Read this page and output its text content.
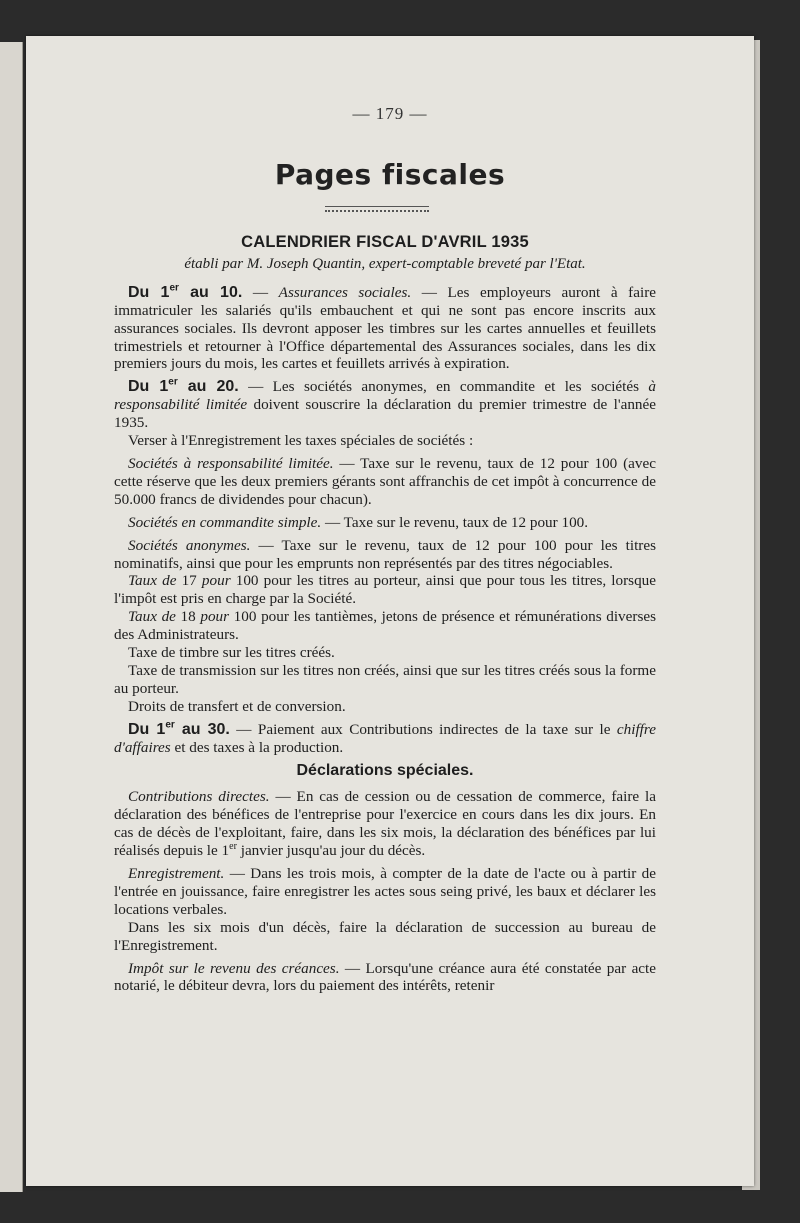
— 179 —
Pages fiscales
CALENDRIER FISCAL D'AVRIL 1935
établi par M. Joseph Quantin, expert-comptable breveté par l'Etat.

Du 1er au 10. — Assurances sociales. — Les employeurs auront à faire immatriculer les salariés qu'ils embauchent et qui ne sont pas encore inscrits aux assurances sociales. Ils devront apposer les timbres sur les cartes annuelles et feuillets trimestriels et retourner à l'Office départemental des Assurances sociales, dans les dix premiers jours du mois, les cartes et feuillets arrivés à expiration.

Du 1er au 20. — Les sociétés anonymes, en commandite et les sociétés à responsabilité limitée doivent souscrire la déclaration du premier trimestre de l'année 1935.

Verser à l'Enregistrement les taxes spéciales de sociétés :

Sociétés à responsabilité limitée. — Taxe sur le revenu, taux de 12 pour 100 (avec cette réserve que les deux premiers gérants sont affranchis de cet impôt à concurrence de 50.000 francs de dividendes pour chacun).

Sociétés en commandite simple. — Taxe sur le revenu, taux de 12 pour 100.

Sociétés anonymes. — Taxe sur le revenu, taux de 12 pour 100 pour les titres nominatifs, ainsi que pour les emprunts non représentés par des titres négociables.

Taux de 17 pour 100 pour les titres au porteur, ainsi que pour tous les titres, lorsque l'impôt est pris en charge par la Société.

Taux de 18 pour 100 pour les tantièmes, jetons de présence et rémunérations diverses des Administrateurs.

Taxe de timbre sur les titres créés.

Taxe de transmission sur les titres non créés, ainsi que sur les titres créés sous la forme au porteur.

Droits de transfert et de conversion.

Du 1er au 30. — Paiement aux Contributions indirectes de la taxe sur le chiffre d'affaires et des taxes à la production.

Déclarations spéciales.

Contributions directes. — En cas de cession ou de cessation de commerce, faire la déclaration des bénéfices de l'entreprise pour l'exercice en cours dans les dix jours. En cas de décès de l'exploitant, faire, dans les six mois, la déclaration des bénéfices par lui réalisés depuis le 1er janvier jusqu'au jour du décès.

Enregistrement. — Dans les trois mois, à compter de la date de l'acte ou à partir de l'entrée en jouissance, faire enregistrer les actes sous seing privé, les baux et déclarer les locations verbales.

Dans les six mois d'un décès, faire la déclaration de succession au bureau de l'Enregistrement.

Impôt sur le revenu des créances. — Lorsqu'une créance aura été constatée par acte notarié, le débiteur devra, lors du paiement des intérêts, retenir
